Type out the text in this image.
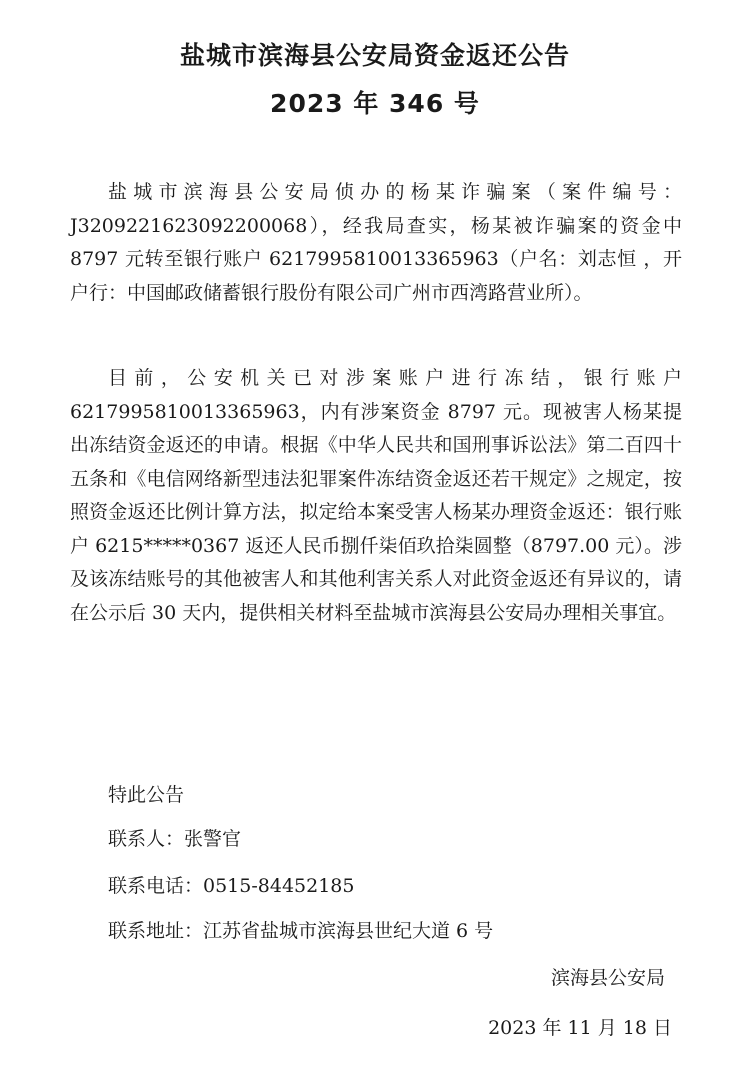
盐城市滨海县公安局资金返还公告
2023 年 346 号

盐城市滨海县公安局侦办的杨某诈骗案（案件编号：J3209221623092200068），经我局查实，杨某被诈骗案的资金中 8797 元转至银行账户 6217995810013365963（户名：刘志恒 ，开户行：中国邮政储蓄银行股份有限公司广州市西湾路营业所）。

目前，公安机关已对涉案账户进行冻结，银行账户 6217995810013365963，内有涉案资金 8797 元。现被害人杨某提出冻结资金返还的申请。根据《中华人民共和国刑事诉讼法》第二百四十五条和《电信网络新型违法犯罪案件冻结资金返还若干规定》之规定，按照资金返还比例计算方法，拟定给本案受害人杨某办理资金返还：银行账户 6215*****0367 返还人民币捌仟柒佰玖拾柒圆整（8797.00 元）。涉及该冻结账号的其他被害人和其他利害关系人对此资金返还有异议的，请在公示后 30 天内，提供相关材料至盐城市滨海县公安局办理相关事宜。

特此公告
联系人：张警官
联系电话：0515-84452185
联系地址：江苏省盐城市滨海县世纪大道 6 号
滨海县公安局
2023 年 11 月 18 日
